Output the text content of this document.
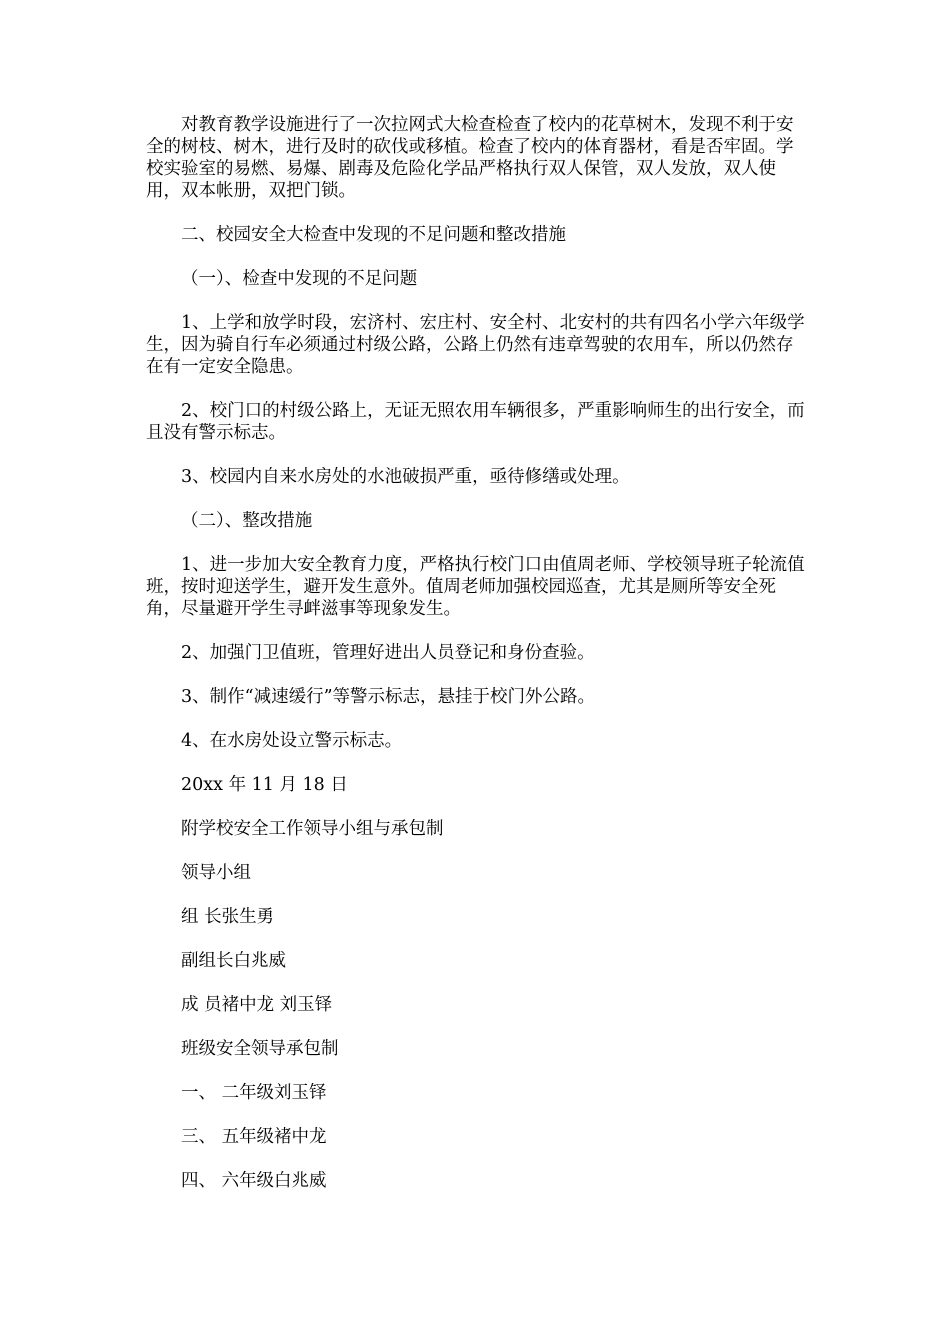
对教育教学设施进行了一次拉网式大检查检查了校内的花草树木，发现不利于安全的树枝、树木，进行及时的砍伐或移植。检查了校内的体育器材，看是否牢固。学校实验室的易燃、易爆、剧毒及危险化学品严格执行双人保管，双人发放，双人使用，双本帐册，双把门锁。

二、校园安全大检查中发现的不足问题和整改措施

（一）、检查中发现的不足问题

1、上学和放学时段，宏济村、宏庄村、安全村、北安村的共有四名小学六年级学生，因为骑自行车必须通过村级公路，公路上仍然有违章驾驶的农用车，所以仍然存在有一定安全隐患。

2、校门口的村级公路上，无证无照农用车辆很多，严重影响师生的出行安全，而且没有警示标志。

3、校园内自来水房处的水池破损严重，亟待修缮或处理。

（二）、整改措施

1、进一步加大安全教育力度，严格执行校门口由值周老师、学校领导班子轮流值班，按时迎送学生，避开发生意外。值周老师加强校园巡查，尤其是厕所等安全死角，尽量避开学生寻衅滋事等现象发生。

2、加强门卫值班，管理好进出人员登记和身份查验。

3、制作“减速缓行”等警示标志，悬挂于校门外公路。

4、在水房处设立警示标志。

20xx 年 11 月 18 日

附学校安全工作领导小组与承包制

领导小组

组 长张生勇

副组长白兆威

成 员褚中龙 刘玉铎

班级安全领导承包制

一、 二年级刘玉铎

三、 五年级褚中龙

四、 六年级白兆威
